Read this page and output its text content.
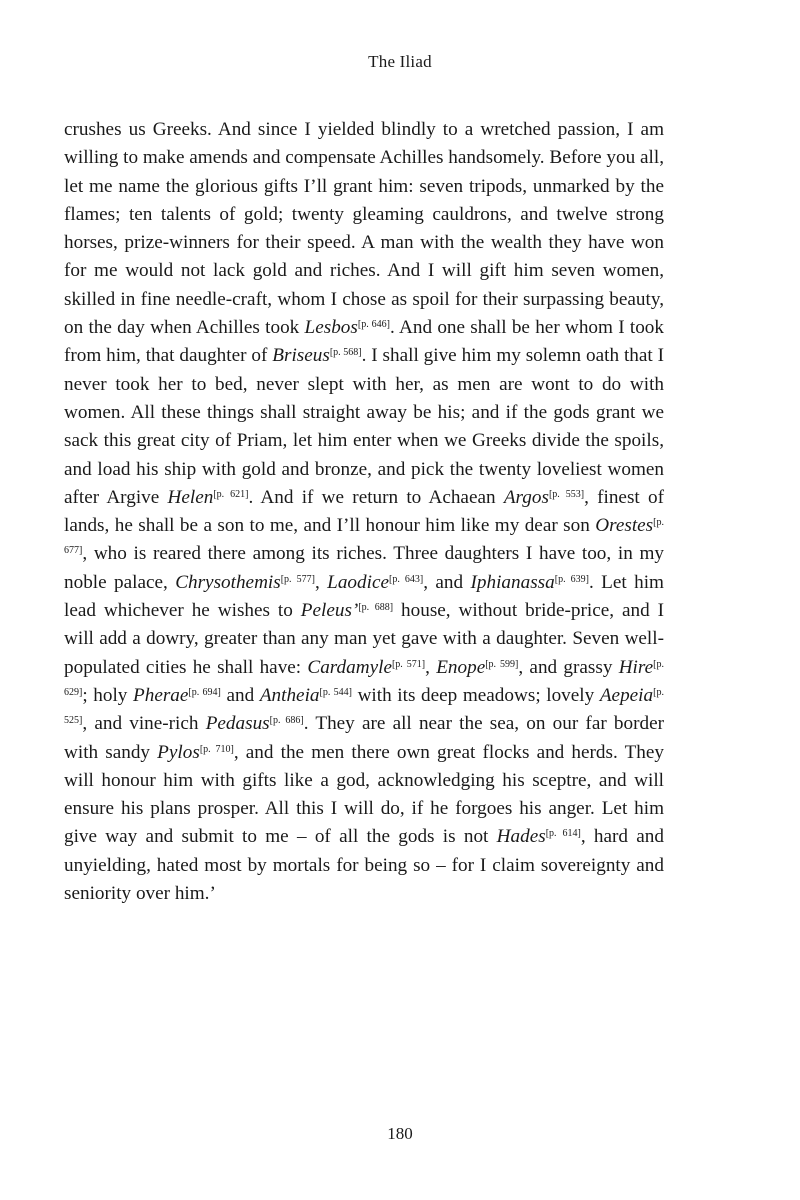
The Iliad
crushes us Greeks. And since I yielded blindly to a wretched passion, I am willing to make amends and compensate Achilles handsomely. Before you all, let me name the glorious gifts I’ll grant him: seven tripods, unmarked by the flames; ten talents of gold; twenty gleaming cauldrons, and twelve strong horses, prize-winners for their speed. A man with the wealth they have won for me would not lack gold and riches. And I will gift him seven women, skilled in fine needle-craft, whom I chose as spoil for their surpassing beauty, on the day when Achilles took Lesbos[p. 646]. And one shall be her whom I took from him, that daughter of Briseus[p. 568]. I shall give him my solemn oath that I never took her to bed, never slept with her, as men are wont to do with women. All these things shall straight away be his; and if the gods grant we sack this great city of Priam, let him enter when we Greeks divide the spoils, and load his ship with gold and bronze, and pick the twenty loveliest women after Argive Helen[p. 621]. And if we return to Achaean Argos[p. 553], finest of lands, he shall be a son to me, and I’ll honour him like my dear son Orestes[p. 677], who is reared there among its riches. Three daughters I have too, in my noble palace, Chrysothemis[p. 577], Laodice[p. 643], and Iphianassa[p. 639]. Let him lead whichever he wishes to Peleus’[p. 688] house, without bride-price, and I will add a dowry, greater than any man yet gave with a daughter. Seven well-populated cities he shall have: Cardamyle[p. 571], Enope[p. 599], and grassy Hire[p. 629]; holy Pherae[p. 694] and Antheia[p. 544] with its deep meadows; lovely Aepeia[p. 525], and vine-rich Pedasus[p. 686]. They are all near the sea, on our far border with sandy Pylos[p. 710], and the men there own great flocks and herds. They will honour him with gifts like a god, acknowledging his sceptre, and will ensure his plans prosper. All this I will do, if he forgoes his anger. Let him give way and submit to me – of all the gods is not Hades[p. 614], hard and unyielding, hated most by mortals for being so – for I claim sovereignty and seniority over him.’
180
